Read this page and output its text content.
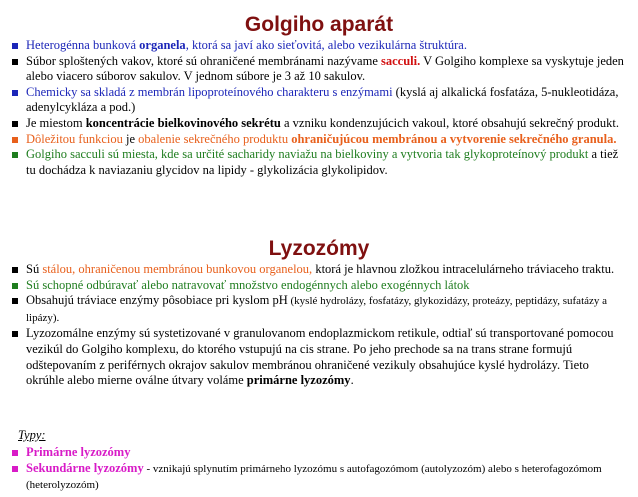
Golgiho aparát
Heterogénna bunková organela, ktorá sa javí ako sieťovitá, alebo vezikulárna štruktúra.
Súbor sploštených vakov, ktoré sú ohraničené membránami nazývame sacculi. V Golgiho komplexe sa vyskytuje jeden alebo viacero súborov sakulov. V jednom súbore je 3 až 10 sakulov.
Chemicky sa skladá z membrán lipoproteínového charakteru s enzýmami (kyslá aj alkalická fosfatáza, 5-nukleotidáza, adenylcykláza a pod.)
Je miestom koncentrácie bielkovinového sekrétu a vzniku kondenzujúcich vakoul, ktoré obsahujú sekrečný produkt.
Dôležitou funkciou je obalenie sekrečného produktu ohraničujúcou membránou a vytvorenie sekrečného granula.
Golgiho sacculi sú miesta, kde sa určité sacharidy naviažu na bielkoviny a vytvoria tak glykoproteínový produkt a tiež tu dochádza k naviazaniu glycidov na lipidy - glykolizácia glykolipidov.
Lyzozómy
Sú stálou, ohraničenou membránou bunkovou organelou, ktorá je hlavnou zložkou intracelulárneho tráviaceho traktu.
Sú schopné odbúravať alebo natravovať množstvo endogénnych alebo exogénnych látok
Obsahujú tráviace enzýmy pôsobiace pri kyslom pH (kyslé hydrolázy, fosfatázy, glykozidázy, proteázy, peptidázy, sufatázy a lipázy).
Lyzozomálne enzýmy sú systetizované v granulovanom endoplazmickom retikule, odtiaľ sú transportované pomocou vezikúl do Golgiho komplexu, do ktorého vstupujú na cis strane. Po jeho prechode sa na trans strane formujú odštepovaním z periférnych okrajov sakulov membránou ohraničené vezikuly obsahujúce kyslé hydrolázy. Tieto okrúhle alebo mierne oválne útvary voláme primárne lyzozómy.
Typy:
Primárne lyzozómy
Sekundárne lyzozómy - vznikajú splynutím primárneho lyzozómu s autofagozómom (autolyzozóm) alebo s heterofagozómom (heterolyzozóm)
